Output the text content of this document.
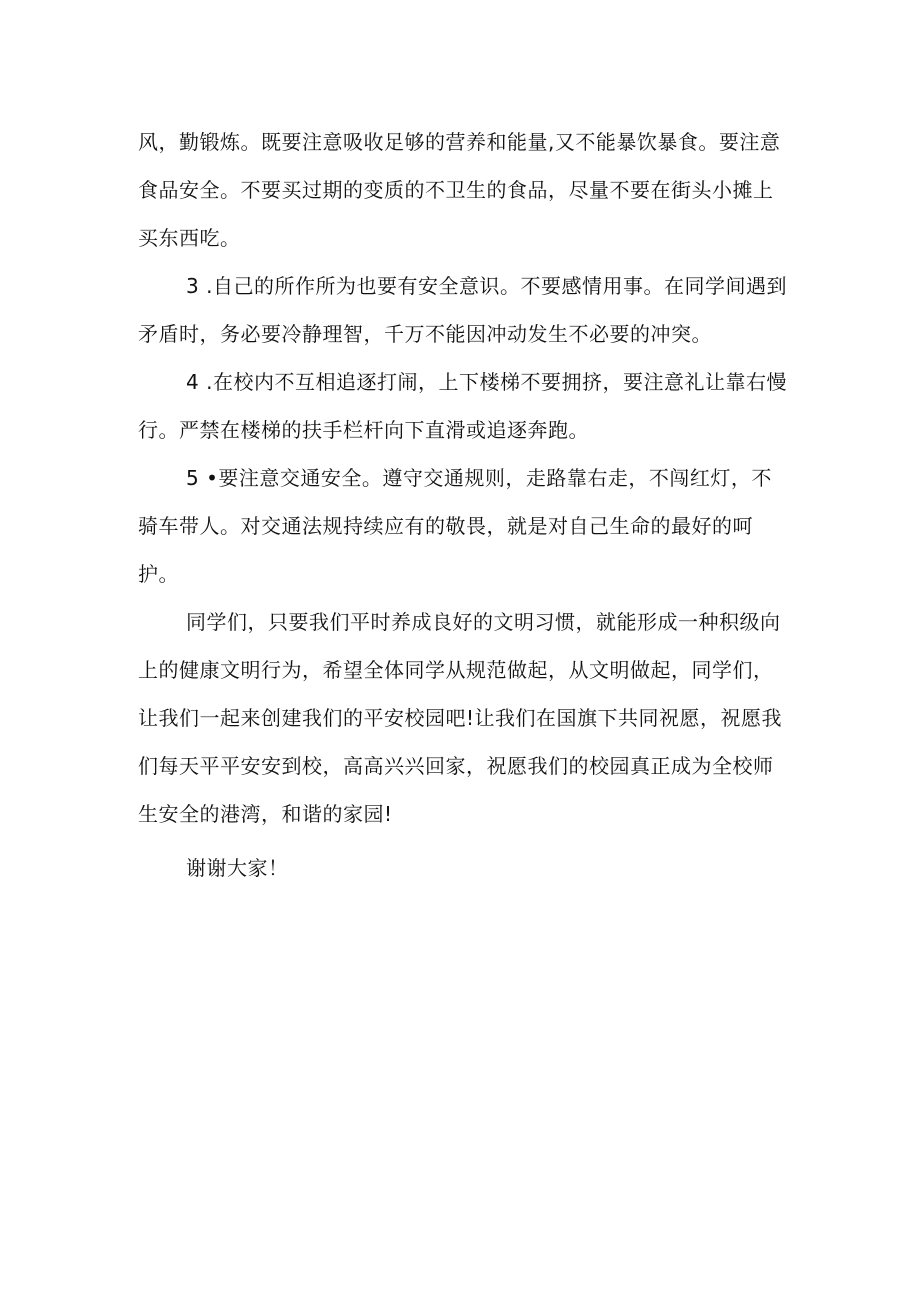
风，勤锻炼。既要注意吸收足够的营养和能量,又不能暴饮暴食。要注意食品安全。不要买过期的变质的不卫生的食品，尽量不要在街头小摊上买东西吃。

3 .自己的所作所为也要有安全意识。不要感情用事。在同学间遇到矛盾时，务必要冷静理智，千万不能因冲动发生不必要的冲突。

4 .在校内不互相追逐打闹，上下楼梯不要拥挤，要注意礼让靠右慢行。严禁在楼梯的扶手栏杆向下直滑或追逐奔跑。

5 •要注意交通安全。遵守交通规则，走路靠右走，不闯红灯，不骑车带人。对交通法规持续应有的敬畏，就是对自己生命的最好的呵护。

同学们，只要我们平时养成良好的文明习惯，就能形成一种积级向上的健康文明行为，希望全体同学从规范做起，从文明做起，同学们，让我们一起来创建我们的平安校园吧!让我们在国旗下共同祝愿，祝愿我们每天平平安安到校，高高兴兴回家，祝愿我们的校园真正成为全校师生安全的港湾，和谐的家园!

谢谢大家！
